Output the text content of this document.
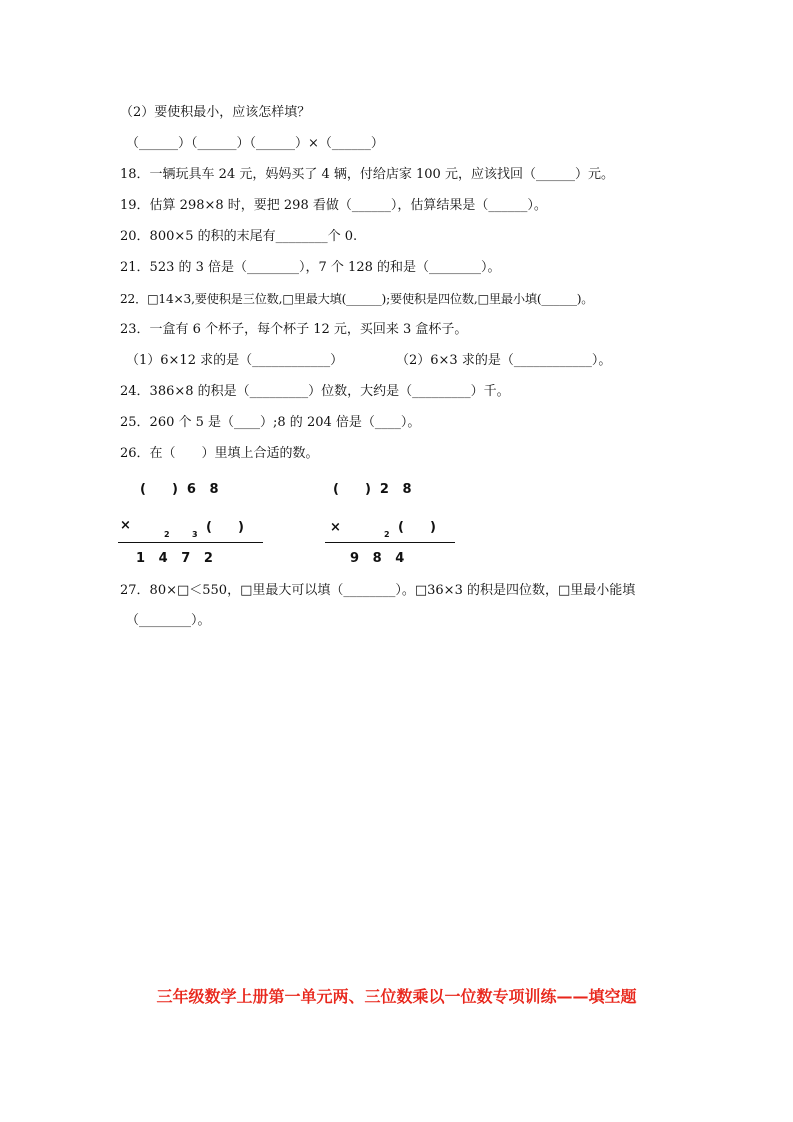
（2）要使积最小，应该怎样填？
（______）（______）（______）×（______）
18．一辆玩具车 24 元，妈妈买了 4 辆，付给店家 100 元，应该找回（______）元。
19．估算 298×8 时，要把 298 看做（______），估算结果是（______）。
20．800×5 的积的末尾有________个 0.
21．523 的 3 倍是（________），7 个 128 的和是（________）。
22．□14×3,要使积是三位数,□里最大填(______);要使积是四位数,□里最小填(______)。
23．一盒有 6 个杯子，每个杯子 12 元，买回来 3 盒杯子。
（1）6×12 求的是（____________）	（2）6×3 求的是（____________）。
24．386×8 的积是（_________）位数，大约是（_________）千。
25．260 个 5 是（____）;8 的 204 倍是（____）。
26．在（　　）里填上合适的数。
(　　)  6   8
×
2	3 (　　)
1   4   7   2
(　　)  2   8
×	2 (　　)
9   8   4
27．80×□＜550，□里最大可以填（________）。□36×3 的积是四位数，□里最小能填
（________）。
三年级数学上册第一单元两、三位数乘以一位数专项训练——填空题
